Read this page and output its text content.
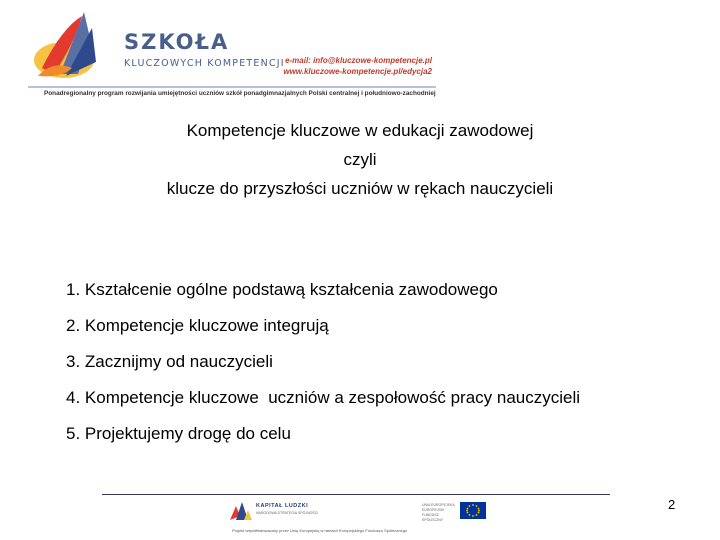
SZKOŁA
KLUCZOWYCH KOMPETENCJI e-mail: info@kluczowe-kompetencje.pl
www.kluczowe-kompetencje.pl/edycja2
Ponadregionalny program rozwijania umiejętności uczniów szkół ponadgimnazjalnych Polski centralnej i południowo-zachodniej
Kompetencje kluczowe w edukacji zawodowej
czyli
klucze do przyszłości uczniów w rękach nauczycieli
1. Kształcenie ogólne podstawą kształcenia zawodowego
2. Kompetencje kluczowe integrują
3. Zacznijmy od nauczycieli
4. Kompetencje kluczowe  uczniów a zespołowość pracy nauczycieli
5. Projektujemy drogę do celu
KAPITAŁ LUDZKI
NARODOWA STRATEGIA SPÓJNOŚCI
UNIA EUROPEJSKA EUROPEJSKI FUNDUSZ SPOŁECZNY
Projekt współfinansowany przez Unię Europejską w ramach Europejskiego Funduszu Społecznego
2
